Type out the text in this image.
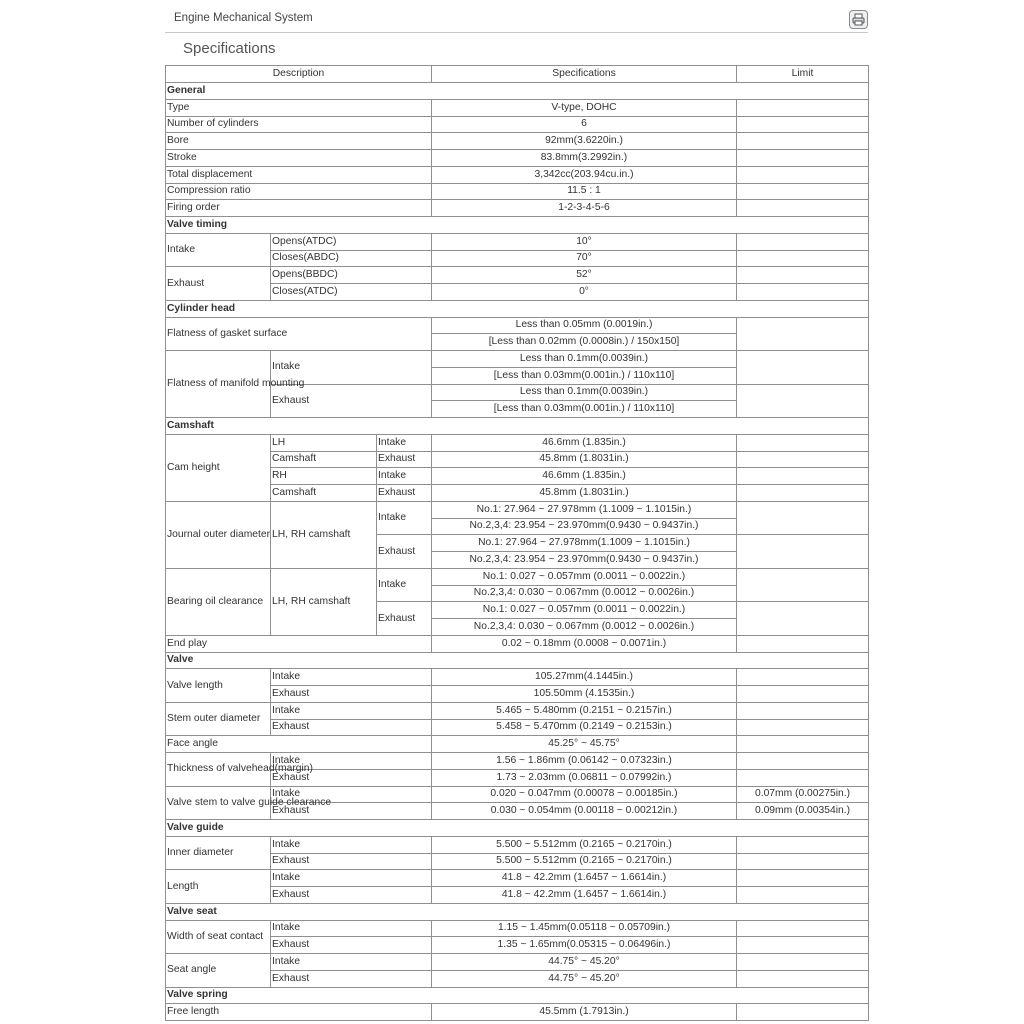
Engine Mechanical System
Specifications
Description			Specifications	Limit
General				
Type			V-type, DOHC	
Number of cylinders			6	
Bore			92mm(3.6220in.)	
Stroke			83.8mm(3.2992in.)	
Total displacement			3,342cc(203.94cu.in.)	
Compression ratio			11.5 : 1	
Firing order			1-2-3-4-5-6	
Valve timing				
Intake	Opens(ATDC)		10°	
	Closes(ABDC)		70°	
Exhaust	Opens(BBDC)		52°	
	Closes(ATDC)		0°	
Cylinder head				
Flatness of gasket surface			Less than 0.05mm (0.0019in.)	
			[Less than 0.02mm (0.0008in.) / 150x150]	
Flatness of manifold mounting	Intake		Less than 0.1mm(0.0039in.)	
			[Less than 0.03mm(0.001in.) / 110x110]	
	Exhaust		Less than 0.1mm(0.0039in.)	
			[Less than 0.03mm(0.001in.) / 110x110]	
Camshaft				
Cam height	LH	Intake	46.6mm (1.835in.)	
	Camshaft	Exhaust	45.8mm (1.8031in.)	
	RH	Intake	46.6mm (1.835in.)	
	Camshaft	Exhaust	45.8mm (1.8031in.)	
Journal outer diameter	LH, RH camshaft	Intake	No.1: 27.964 ~ 27.978mm (1.1009 ~ 1.1015in.)	
			No.2,3,4: 23.954 ~ 23.970mm(0.9430 ~ 0.9437in.)	
		Exhaust	No.1: 27.964 ~ 27.978mm(1.1009 ~ 1.1015in.)	
			No.2,3,4: 23.954 ~ 23.970mm(0.9430 ~ 0.9437in.)	
Bearing oil clearance	LH, RH camshaft	Intake	No.1: 0.027 ~ 0.057mm (0.0011 ~ 0.0022in.)	
			No.2,3,4: 0.030 ~ 0.067mm (0.0012 ~ 0.0026in.)	
		Exhaust	No.1: 0.027 ~ 0.057mm (0.0011 ~ 0.0022in.)	
			No.2,3,4: 0.030 ~ 0.067mm (0.0012 ~ 0.0026in.)	
End play			0.02 ~ 0.18mm (0.0008 ~ 0.0071in.)	
Valve				
Valve length	Intake		105.27mm(4.1445in.)	
	Exhaust		105.50mm (4.1535in.)	
Stem outer diameter	Intake		5.465 ~ 5.480mm (0.2151 ~ 0.2157in.)	
	Exhaust		5.458 ~ 5.470mm (0.2149 ~ 0.2153in.)	
Face angle			45.25° ~ 45.75°	
Thickness of valvehead(margin)	Intake		1.56 ~ 1.86mm (0.06142 ~ 0.07323in.)	
	Exhaust		1.73 ~ 2.03mm (0.06811 ~ 0.07992in.)	
Valve stem to valve guide clearance	Intake		0.020 ~ 0.047mm (0.00078 ~ 0.00185in.)	0.07mm (0.00275in.)
	Exhaust		0.030 ~ 0.054mm (0.00118 ~ 0.00212in.)	0.09mm (0.00354in.)
Valve guide				
Inner diameter	Intake		5.500 ~ 5.512mm (0.2165 ~ 0.2170in.)	
	Exhaust		5.500 ~ 5.512mm (0.2165 ~ 0.2170in.)	
Length	Intake		41.8 ~ 42.2mm (1.6457 ~ 1.6614in.)	
	Exhaust		41.8 ~ 42.2mm (1.6457 ~ 1.6614in.)	
Valve seat				
Width of seat contact	Intake		1.15 ~ 1.45mm(0.05118 ~ 0.05709in.)	
	Exhaust		1.35 ~ 1.65mm(0.05315 ~ 0.06496in.)	
Seat angle	Intake		44.75° ~ 45.20°	
	Exhaust		44.75° ~ 45.20°	
Valve spring				
Free length			45.5mm (1.7913in.)	
